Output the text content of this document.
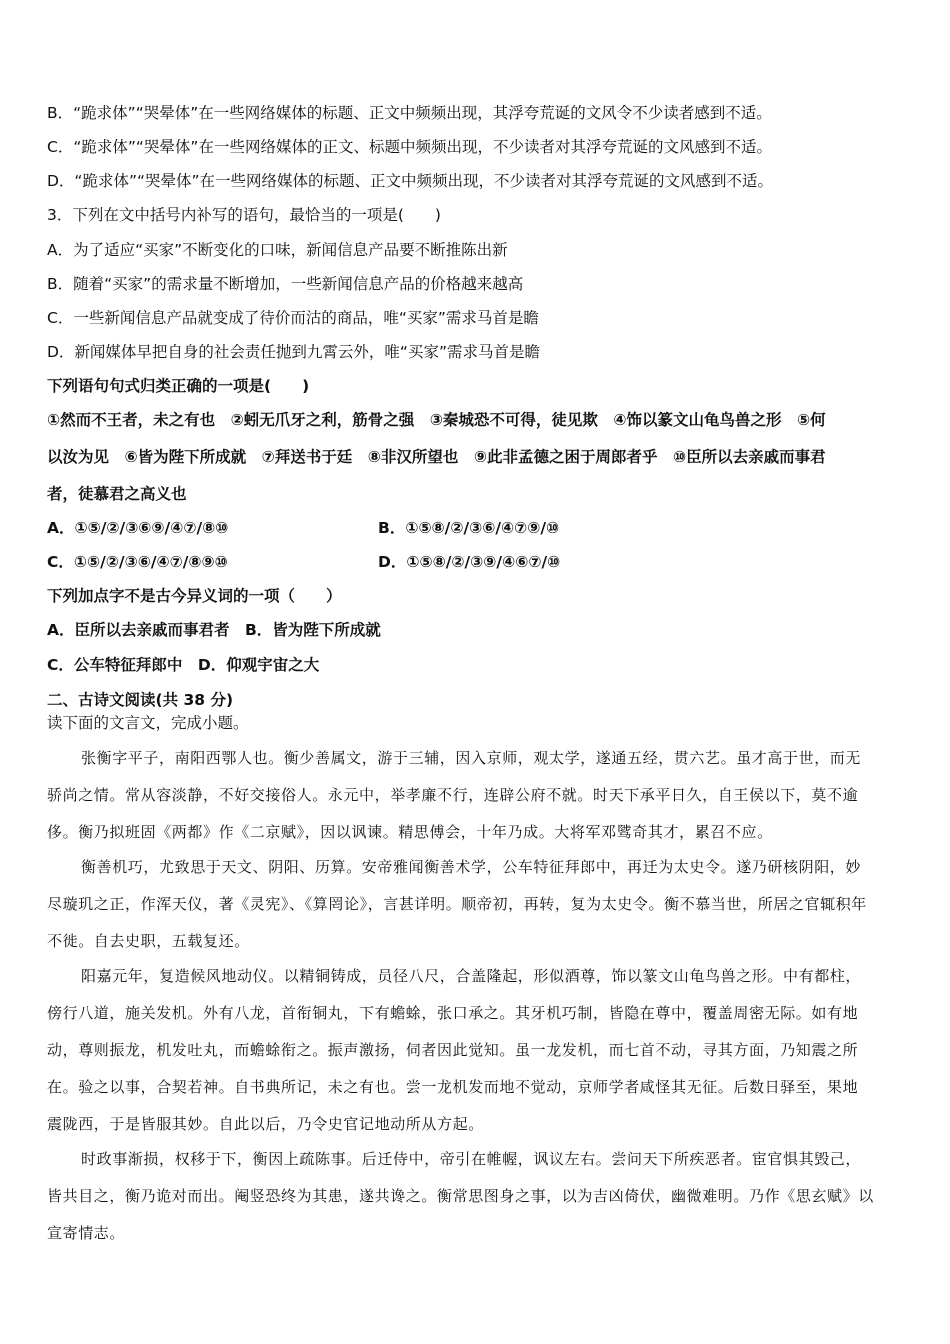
B．“跪求体”“哭晕体”在一些网络媒体的标题、正文中频频出现，其浮夸荒诞的文风令不少读者感到不适。

C．“跪求体”“哭晕体”在一些网络媒体的正文、标题中频频出现，不少读者对其浮夸荒诞的文风感到不适。

D．“跪求体”“哭晕体”在一些网络媒体的标题、正文中频频出现，不少读者对其浮夸荒诞的文风感到不适。

3．下列在文中括号内补写的语句，最恰当的一项是(　　)

A．为了适应“买家”不断变化的口味，新闻信息产品要不断推陈出新

B．随着“买家”的需求量不断增加，一些新闻信息产品的价格越来越高

C．一些新闻信息产品就变成了待价而沽的商品，唯“买家”需求马首是瞻

D．新闻媒体早把自身的社会责任抛到九霄云外，唯“买家”需求马首是瞻

下列语句句式归类正确的一项是(　　)

①然而不王者，未之有也　②蚓无爪牙之利，筋骨之强　③秦城恐不可得，徒见欺　④饰以篆文山龟鸟兽之形　⑤何

以汝为见　⑥皆为陛下所成就　⑦拜送书于廷　⑧非汉所望也　⑨此非孟德之困于周郎者乎　⑩臣所以去亲戚而事君

者，徒慕君之高义也

A．①⑤/②/③⑥⑨/④⑦/⑧⑩	B．①⑤⑧/②/③⑥/④⑦⑨/⑩

C．①⑤/②/③⑥/④⑦/⑧⑨⑩	D．①⑤⑧/②/③⑨/④⑥⑦/⑩

下列加点字不是古今异义词的一项（　　）

A．臣所以去亲戚而事君者　B．皆为陛下所成就

C．公车特征拜郎中　D．仰观宇宙之大

二、古诗文阅读(共 38 分)

读下面的文言文，完成小题。

张衡字平子，南阳西鄂人也。衡少善属文，游于三辅，因入京师，观太学，遂通五经，贯六艺。虽才高于世，而无

骄尚之情。常从容淡静，不好交接俗人。永元中，举孝廉不行，连辟公府不就。时天下承平日久，自王侯以下，莫不逾

侈。衡乃拟班固《两都》作《二京赋》，因以讽谏。精思傅会，十年乃成。大将军邓骘奇其才，累召不应。

衡善机巧，尤致思于天文、阴阳、历算。安帝雅闻衡善术学，公车特征拜郎中，再迁为太史令。遂乃研核阴阳，妙

尽璇玑之正，作浑天仪，著《灵宪》、《算罔论》，言甚详明。顺帝初，再转，复为太史令。衡不慕当世，所居之官辄积年

不徙。自去史职，五载复还。

阳嘉元年，复造候风地动仪。以精铜铸成，员径八尺，合盖隆起，形似酒尊，饰以篆文山龟鸟兽之形。中有都柱，

傍行八道，施关发机。外有八龙，首衔铜丸，下有蟾蜍，张口承之。其牙机巧制，皆隐在尊中，覆盖周密无际。如有地

动，尊则振龙，机发吐丸，而蟾蜍衔之。振声激扬，伺者因此觉知。虽一龙发机，而七首不动，寻其方面，乃知震之所

在。验之以事，合契若神。自书典所记，未之有也。尝一龙机发而地不觉动，京师学者咸怪其无征。后数日驿至，果地

震陇西，于是皆服其妙。自此以后，乃令史官记地动所从方起。

时政事渐损，权移于下，衡因上疏陈事。后迁侍中，帝引在帷幄，讽议左右。尝问天下所疾恶者。宦官惧其毁己，

皆共目之，衡乃诡对而出。阉竖恐终为其患，遂共谗之。衡常思图身之事，以为吉凶倚伏，幽微难明。乃作《思玄赋》以

宣寄情志。
